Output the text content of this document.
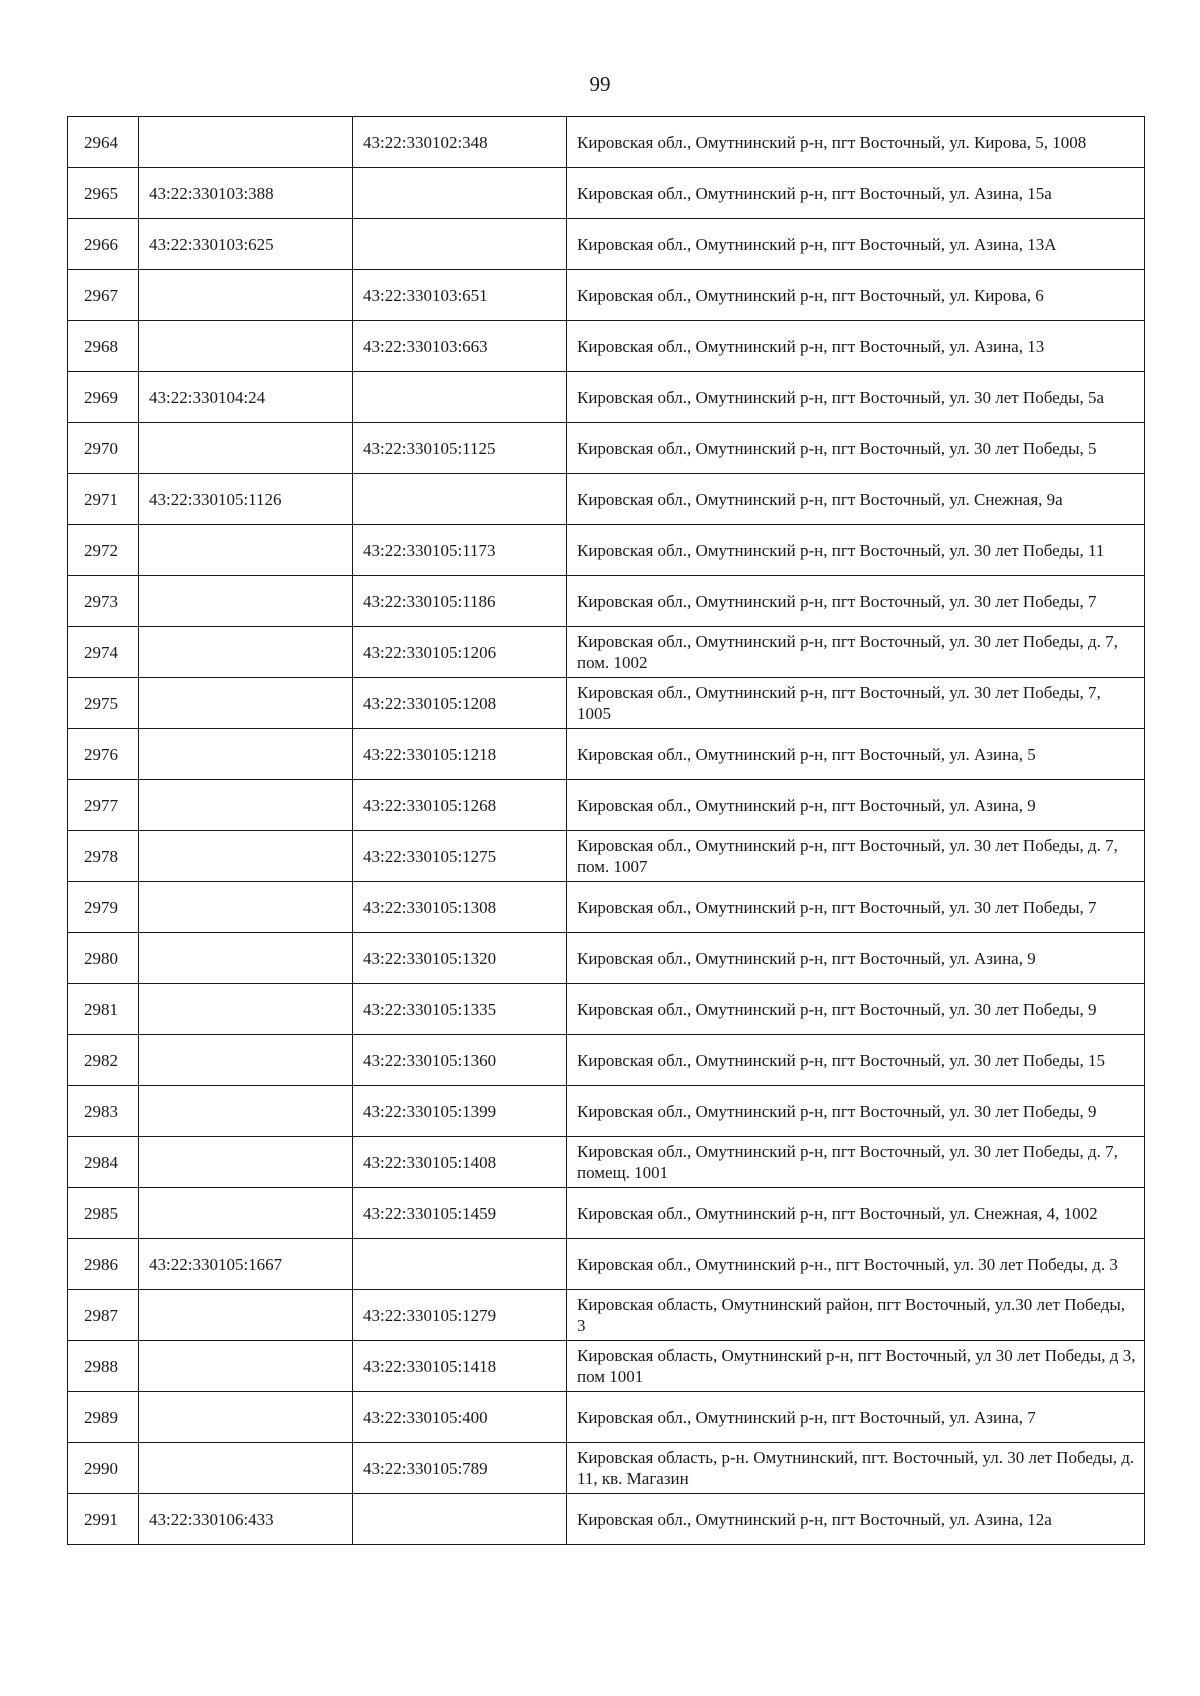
99
2964		43:22:330102:348	Кировская обл., Омутнинский р-н, пгт Восточный, ул. Кирова, 5, 1008
2965	43:22:330103:388		Кировская обл., Омутнинский р-н, пгт Восточный, ул. Азина, 15а
2966	43:22:330103:625		Кировская обл., Омутнинский р-н, пгт Восточный, ул. Азина, 13А
2967		43:22:330103:651	Кировская обл., Омутнинский р-н, пгт Восточный, ул. Кирова, 6
2968		43:22:330103:663	Кировская обл., Омутнинский р-н, пгт Восточный, ул. Азина, 13
2969	43:22:330104:24		Кировская обл., Омутнинский р-н, пгт Восточный, ул. 30 лет Победы, 5а
2970		43:22:330105:1125	Кировская обл., Омутнинский р-н, пгт Восточный, ул. 30 лет Победы, 5
2971	43:22:330105:1126		Кировская обл., Омутнинский р-н, пгт Восточный, ул. Снежная, 9а
2972		43:22:330105:1173	Кировская обл., Омутнинский р-н, пгт Восточный, ул. 30 лет Победы, 11
2973		43:22:330105:1186	Кировская обл., Омутнинский р-н, пгт Восточный, ул. 30 лет Победы, 7
2974		43:22:330105:1206	Кировская обл., Омутнинский р-н, пгт Восточный, ул. 30 лет Победы, д. 7, пом. 1002
2975		43:22:330105:1208	Кировская обл., Омутнинский р-н, пгт Восточный, ул. 30 лет Победы, 7, 1005
2976		43:22:330105:1218	Кировская обл., Омутнинский р-н, пгт Восточный, ул. Азина, 5
2977		43:22:330105:1268	Кировская обл., Омутнинский р-н, пгт Восточный, ул. Азина, 9
2978		43:22:330105:1275	Кировская обл., Омутнинский р-н, пгт Восточный, ул. 30 лет Победы, д. 7, пом. 1007
2979		43:22:330105:1308	Кировская обл., Омутнинский р-н, пгт Восточный, ул. 30 лет Победы, 7
2980		43:22:330105:1320	Кировская обл., Омутнинский р-н, пгт Восточный, ул. Азина, 9
2981		43:22:330105:1335	Кировская обл., Омутнинский р-н, пгт Восточный, ул. 30 лет Победы, 9
2982		43:22:330105:1360	Кировская обл., Омутнинский р-н, пгт Восточный, ул. 30 лет Победы, 15
2983		43:22:330105:1399	Кировская обл., Омутнинский р-н, пгт Восточный, ул. 30 лет Победы, 9
2984		43:22:330105:1408	Кировская обл., Омутнинский р-н, пгт Восточный, ул. 30 лет Победы, д. 7, помещ. 1001
2985		43:22:330105:1459	Кировская обл., Омутнинский р-н, пгт Восточный, ул. Снежная, 4, 1002
2986	43:22:330105:1667		Кировская обл., Омутнинский р-н., пгт Восточный, ул. 30 лет Победы, д. 3
2987		43:22:330105:1279	Кировская область, Омутнинский район, пгт Восточный, ул.30 лет Победы, 3
2988		43:22:330105:1418	Кировская область, Омутнинский р-н, пгт Восточный, ул 30 лет Победы, д 3, пом 1001
2989		43:22:330105:400	Кировская обл., Омутнинский р-н, пгт Восточный, ул. Азина, 7
2990		43:22:330105:789	Кировская область, р-н. Омутнинский, пгт. Восточный, ул. 30 лет Победы, д. 11, кв. Магазин
2991	43:22:330106:433		Кировская обл., Омутнинский р-н, пгт Восточный, ул. Азина, 12а
